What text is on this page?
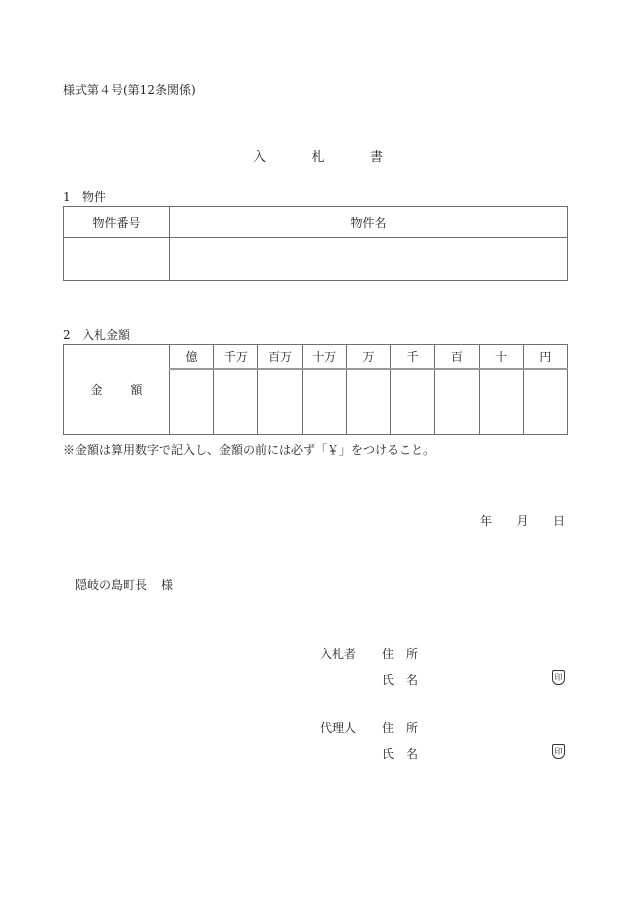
様式第４号(第12条関係)
入	札	書
1 物件
物件番号	物件名

2 入札金額
金 額	億	千万	百万	十万	万	千	百	十	円

※金額は算用数字で記入し、金額の前には必ず「￥」をつけること。
年 月 日
隠岐の島町長 様
入札者 住 所
氏 名	印
代理人 住 所
氏 名	印
